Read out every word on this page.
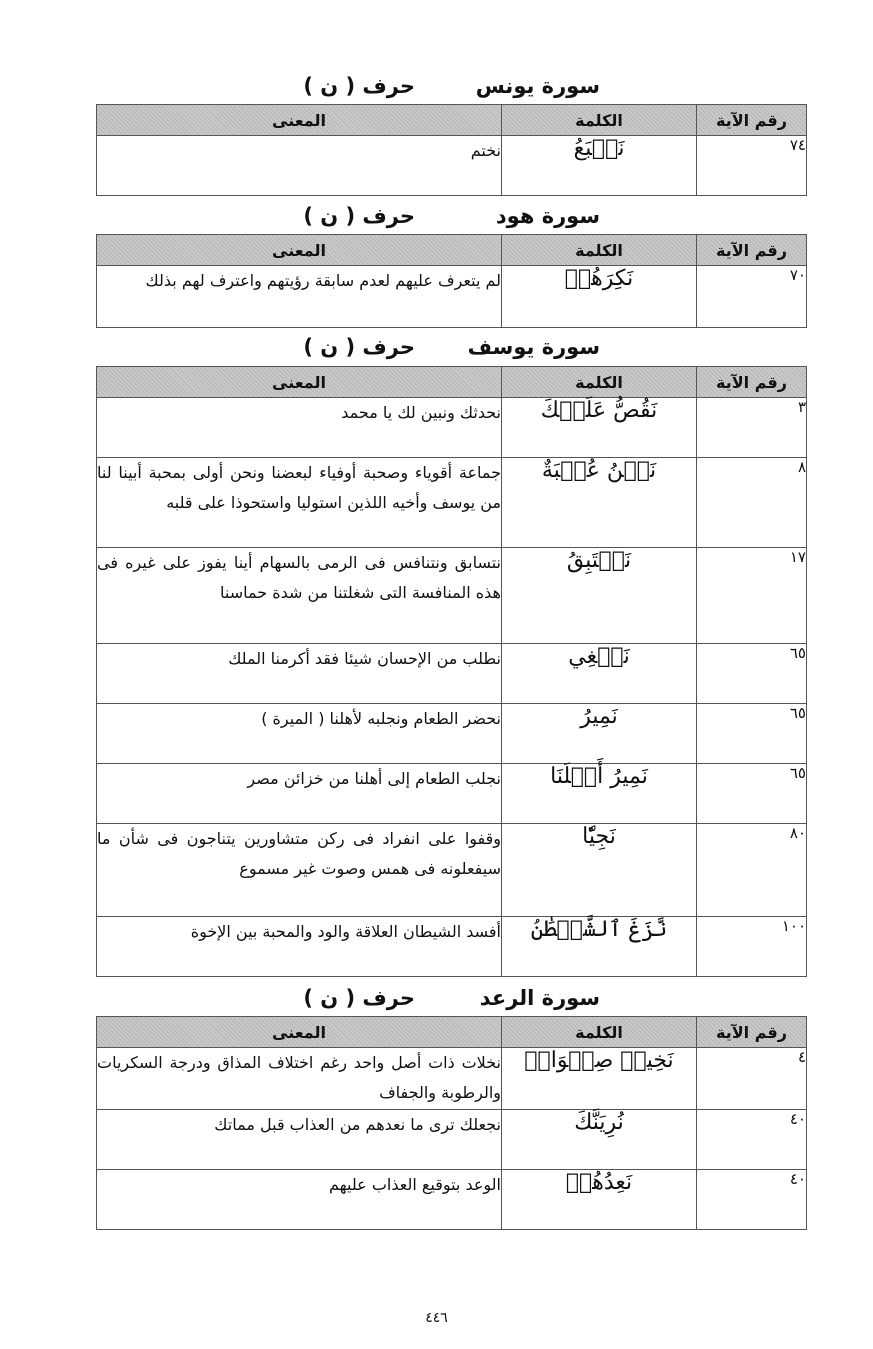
سورة يونس
حرف ( ن )
رقم الآية	الكلمة	المعنى
٧٤	نَطۡبَعُ	نختم
سورة هود
حرف ( ن )
رقم الآية	الكلمة	المعنى
٧٠	نَكِرَهُمۡ	لم يتعرف عليهم لعدم سابقة رؤيتهم واعترف لهم بذلك
سورة يوسف
حرف ( ن )
رقم الآية	الكلمة	المعنى
٣	نَقُصُّ عَلَيۡكَ	نحدثك ونبين لك يا محمد
٨	نَحۡنُ عُصۡبَةٌ	جماعة أقوياء وصحبة أوفياء لبعضنا ونحن أولى بمحبة أبينا لنا من يوسف وأخيه اللذين استوليا واستحوذا على قلبه
١٧	نَسۡتَبِقُ	نتسابق ونتنافس فى الرمى بالسهام أينا يفوز على غيره فى هذه المنافسة التى شغلتنا من شدة حماسنا
٦٥	نَبۡغِي	نطلب من الإحسان شيئا فقد أكرمنا الملك
٦٥	نَمِيرُ	نحضر الطعام ونجلبه لأهلنا ( الميرة )
٦٥	نَمِيرُ أَهۡلَنَا	نجلب الطعام إلى أهلنا من خزائن مصر
٨٠	نَجِيّٗا	وقفوا على انفراد فى ركن متشاورين يتناجون فى شأن ما سيفعلونه فى همس وصوت غير مسموع
١٠٠	نَّزَغَ ٱلشَّيۡطَٰنُ	أفسد الشيطان العلاقة والود والمحبة بين الإخوة
سورة الرعد
حرف ( ن )
رقم الآية	الكلمة	المعنى
٤	نَخِيلٞ صِنۡوَانٞ	نخلات ذات أصل واحد رغم اختلاف المذاق ودرجة السكريات والرطوبة والجفاف
٤٠	نُرِيَنَّكَ	نجعلك ترى ما نعدهم من العذاب قبل مماتك
٤٠	نَعِدُهُمۡ	الوعد بتوقيع العذاب عليهم
٤٤٦
